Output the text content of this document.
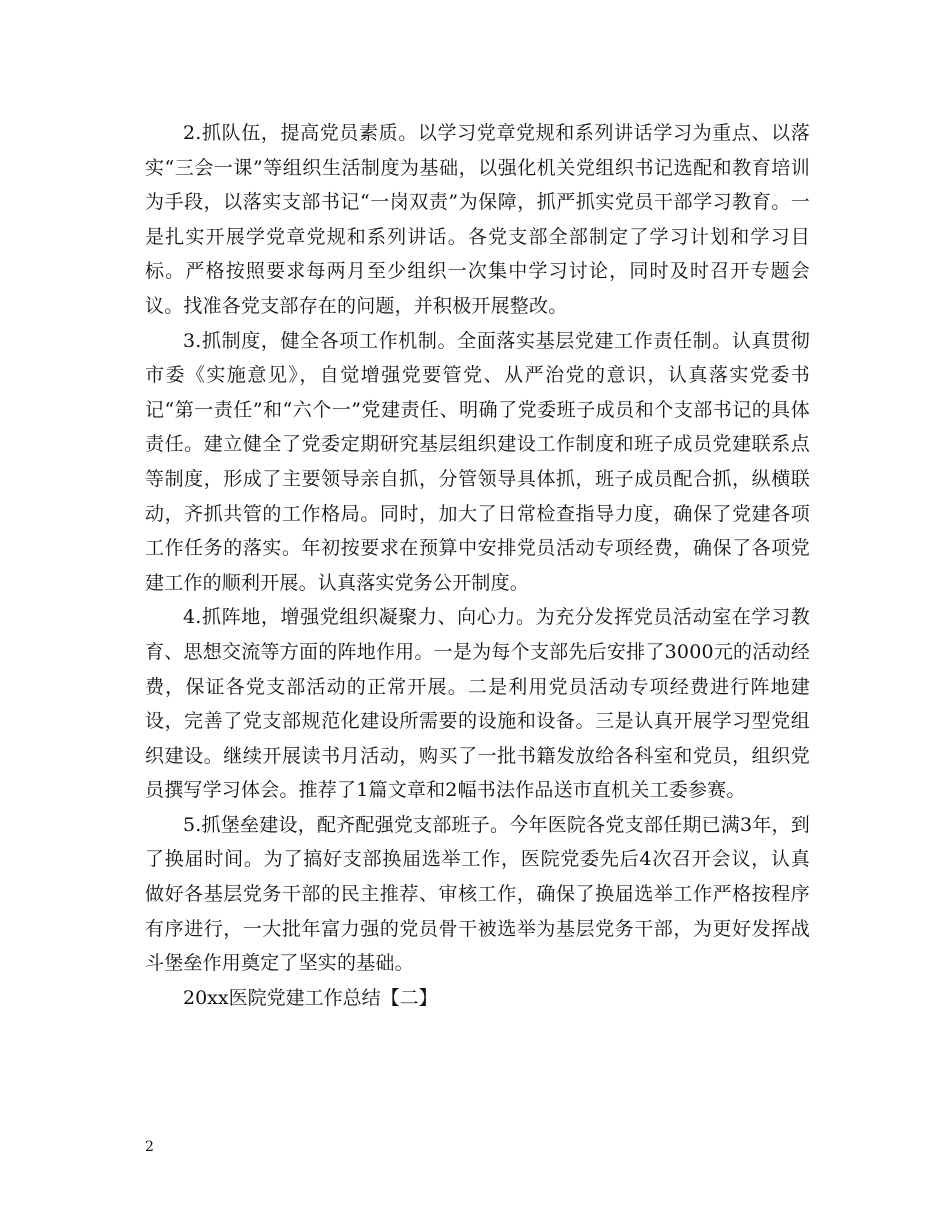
2.抓队伍，提高党员素质。以学习党章党规和系列讲话学习为重点、以落实“三会一课”等组织生活制度为基础，以强化机关党组织书记选配和教育培训为手段，以落实支部书记“一岗双责”为保障，抓严抓实党员干部学习教育。一是扎实开展学党章党规和系列讲话。各党支部全部制定了学习计划和学习目标。严格按照要求每两月至少组织一次集中学习讨论，同时及时召开专题会议。找准各党支部存在的问题，并积极开展整改。

3.抓制度，健全各项工作机制。全面落实基层党建工作责任制。认真贯彻市委《实施意见》，自觉增强党要管党、从严治党的意识，认真落实党委书记“第一责任”和“六个一”党建责任、明确了党委班子成员和个支部书记的具体责任。建立健全了党委定期研究基层组织建设工作制度和班子成员党建联系点等制度，形成了主要领导亲自抓，分管领导具体抓，班子成员配合抓，纵横联动，齐抓共管的工作格局。同时，加大了日常检查指导力度，确保了党建各项工作任务的落实。年初按要求在预算中安排党员活动专项经费，确保了各项党建工作的顺利开展。认真落实党务公开制度。

4.抓阵地，增强党组织凝聚力、向心力。为充分发挥党员活动室在学习教育、思想交流等方面的阵地作用。一是为每个支部先后安排了3000元的活动经费，保证各党支部活动的正常开展。二是利用党员活动专项经费进行阵地建设，完善了党支部规范化建设所需要的设施和设备。三是认真开展学习型党组织建设。继续开展读书月活动，购买了一批书籍发放给各科室和党员，组织党员撰写学习体会。推荐了1篇文章和2幅书法作品送市直机关工委参赛。

5.抓堡垒建设，配齐配强党支部班子。今年医院各党支部任期已满3年，到了换届时间。为了搞好支部换届选举工作，医院党委先后4次召开会议，认真做好各基层党务干部的民主推荐、审核工作，确保了换届选举工作严格按程序有序进行，一大批年富力强的党员骨干被选举为基层党务干部，为更好发挥战斗堡垒作用奠定了坚实的基础。

20xx医院党建工作总结【二】

2
